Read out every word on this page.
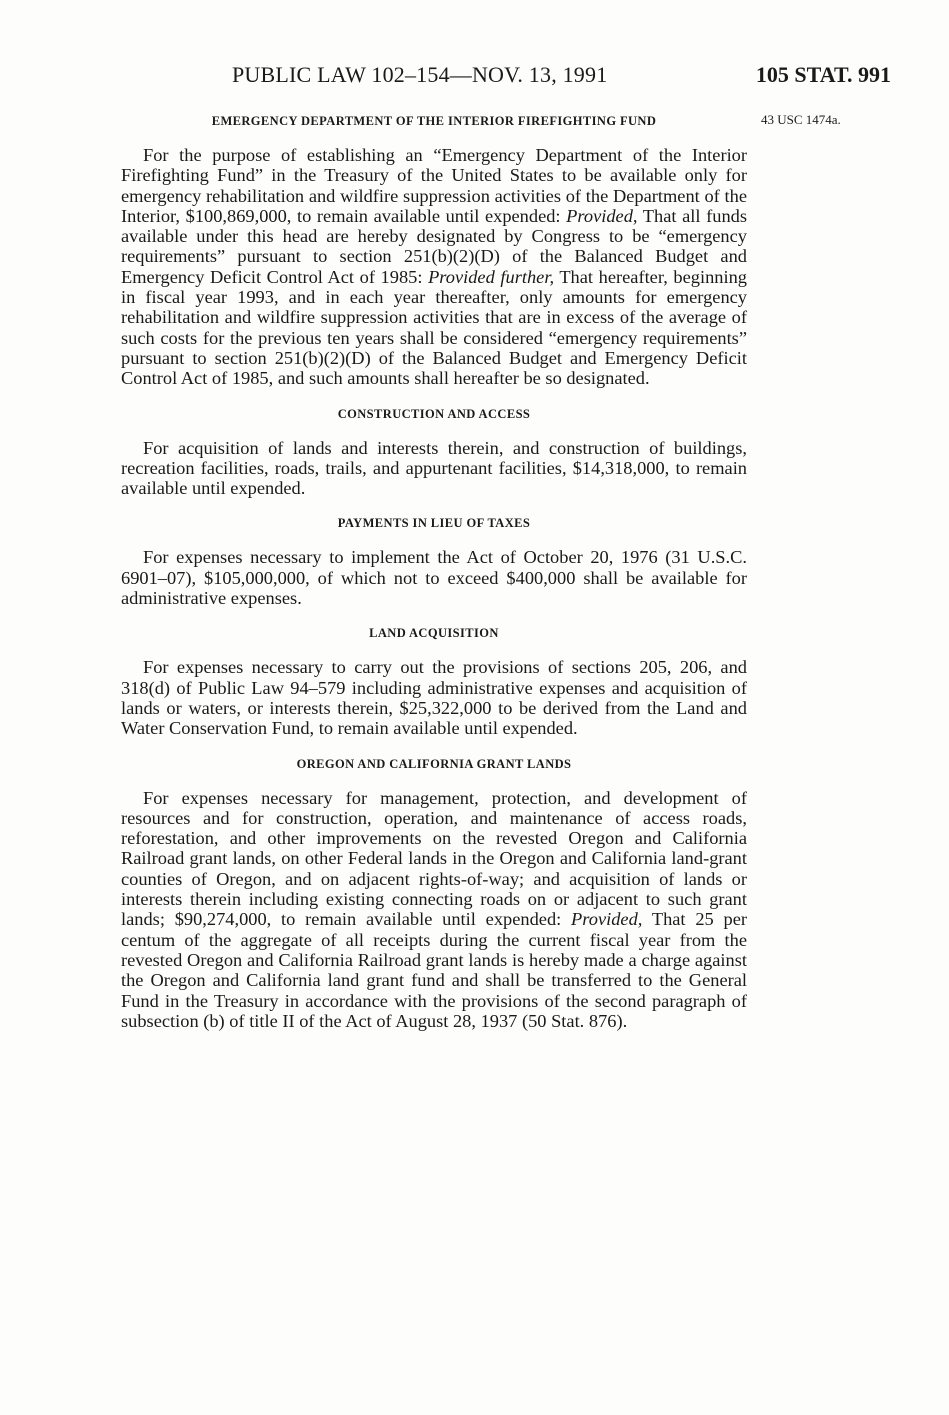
PUBLIC LAW 102–154—NOV. 13, 1991	105 STAT. 991
43 USC 1474a.
EMERGENCY DEPARTMENT OF THE INTERIOR FIREFIGHTING FUND

For the purpose of establishing an “Emergency Department of the Interior Firefighting Fund” in the Treasury of the United States to be available only for emergency rehabilitation and wildfire suppression activities of the Department of the Interior, $100,869,000, to remain available until expended: Provided, That all funds available under this head are hereby designated by Congress to be “emergency requirements” pursuant to section 251(b)(2)(D) of the Balanced Budget and Emergency Deficit Control Act of 1985: Provided further, That hereafter, beginning in fiscal year 1993, and in each year thereafter, only amounts for emergency rehabilitation and wildfire suppression activities that are in excess of the average of such costs for the previous ten years shall be considered “emergency requirements” pursuant to section 251(b)(2)(D) of the Balanced Budget and Emergency Deficit Control Act of 1985, and such amounts shall hereafter be so designated.

CONSTRUCTION AND ACCESS

For acquisition of lands and interests therein, and construction of buildings, recreation facilities, roads, trails, and appurtenant facilities, $14,318,000, to remain available until expended.

PAYMENTS IN LIEU OF TAXES

For expenses necessary to implement the Act of October 20, 1976 (31 U.S.C. 6901–07), $105,000,000, of which not to exceed $400,000 shall be available for administrative expenses.

LAND ACQUISITION

For expenses necessary to carry out the provisions of sections 205, 206, and 318(d) of Public Law 94–579 including administrative expenses and acquisition of lands or waters, or interests therein, $25,322,000 to be derived from the Land and Water Conservation Fund, to remain available until expended.

OREGON AND CALIFORNIA GRANT LANDS

For expenses necessary for management, protection, and development of resources and for construction, operation, and maintenance of access roads, reforestation, and other improvements on the revested Oregon and California Railroad grant lands, on other Federal lands in the Oregon and California land-grant counties of Oregon, and on adjacent rights-of-way; and acquisition of lands or interests therein including existing connecting roads on or adjacent to such grant lands; $90,274,000, to remain available until expended: Provided, That 25 per centum of the aggregate of all receipts during the current fiscal year from the revested Oregon and California Railroad grant lands is hereby made a charge against the Oregon and California land grant fund and shall be transferred to the General Fund in the Treasury in accordance with the provisions of the second paragraph of subsection (b) of title II of the Act of August 28, 1937 (50 Stat. 876).
